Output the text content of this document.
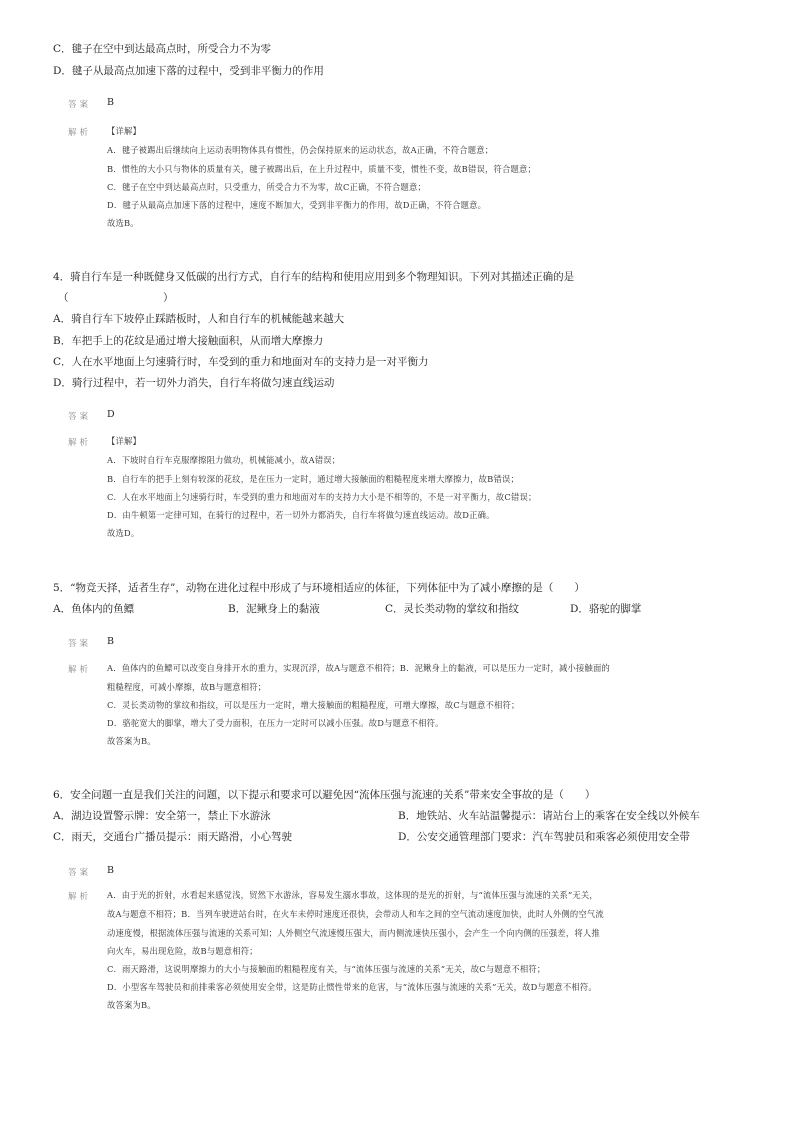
C．毽子在空中到达最高点时，所受合力不为零
D．毽子从最高点加速下落的过程中，受到非平衡力的作用
答案 B
解析 【详解】
A．毽子被踢出后继续向上运动表明物体具有惯性，仍会保持原来的运动状态，故A正确，不符合题意；
B．惯性的大小只与物体的质量有关，毽子被踢出后，在上升过程中，质量不变，惯性不变，故B错误，符合题意；
C．毽子在空中到达最高点时，只受重力，所受合力不为零，故C正确，不符合题意；
D．毽子从最高点加速下落的过程中，速度不断加大，受到非平衡力的作用，故D正确，不符合题意。
故选B。
4．骑自行车是一种既健身又低碳的出行方式，自行车的结构和使用应用到多个物理知识。下列对其描述正确的是
（　　　　　　　　　）
A．骑自行车下坡停止踩踏板时，人和自行车的机械能越来越大
B．车把手上的花纹是通过增大接触面积，从而增大摩擦力
C．人在水平地面上匀速骑行时，车受到的重力和地面对车的支持力是一对平衡力
D．骑行过程中，若一切外力消失，自行车将做匀速直线运动
答案 D
解析 【详解】
A．下坡时自行车克服摩擦阻力做功，机械能减小，故A错误；
B．自行车的把手上刻有较深的花纹，是在压力一定时，通过增大接触面的粗糙程度来增大摩擦力，故B错误；
C．人在水平地面上匀速骑行时，车受到的重力和地面对车的支持力大小是不相等的，不是一对平衡力，故C错误；
D．由牛顿第一定律可知，在骑行的过程中，若一切外力都消失，自行车将做匀速直线运动。故D正确。
故选D。
5．“物竞天择，适者生存”，动物在进化过程中形成了与环境相适应的体征，下列体征中为了减小摩擦的是（　　）
A．鱼体内的鱼鳔	B．泥鳅身上的黏液	C．灵长类动物的掌纹和指纹	D．骆驼的脚掌
答案 B
解析 A．鱼体内的鱼鳔可以改变自身排开水的重力，实现沉浮，故A与题意不相符；B．泥鳅身上的黏液，可以是压力一定时，减小接触面的
粗糙程度，可减小摩擦，故B与题意相符；
C．灵长类动物的掌纹和指纹，可以是压力一定时，增大接触面的粗糙程度，可增大摩擦，故C与题意不相符；
D．骆驼宽大的脚掌，增大了受力面积，在压力一定时可以减小压强。故D与题意不相符。
故答案为B。
6．安全问题一直是我们关注的问题，以下提示和要求可以避免因“流体压强与流速的关系”带来安全事故的是（　　）
A．湖边设置警示牌：安全第一，禁止下水游泳	B．地铁站、火车站温馨提示：请站台上的乘客在安全线以外候车
C．雨天，交通台广播员提示：雨天路滑，小心驾驶	D．公安交通管理部门要求：汽车驾驶员和乘客必须使用安全带
答案 B
解析 A．由于光的折射，水看起来感觉浅，贸然下水游泳，容易发生溺水事故，这体现的是光的折射，与“流体压强与流速的关系”无关，
故A与题意不相符；B．当列车驶进站台时，在火车未停时速度还很快，会带动人和车之间的空气流动速度加快，此时人外侧的空气流
动速度慢，根据流体压强与流速的关系可知；人外侧空气流速慢压强大，而内侧流速快压强小，会产生一个向内侧的压强差，将人推
向火车，易出现危险，故B与题意相符；
C．雨天路滑，这说明摩擦力的大小与接触面的粗糙程度有关，与“流体压强与流速的关系”无关，故C与题意不相符；
D．小型客车驾驶员和前排乘客必须使用安全带，这是防止惯性带来的危害，与“流体压强与流速的关系”无关，故D与题意不相符。
故答案为B。
